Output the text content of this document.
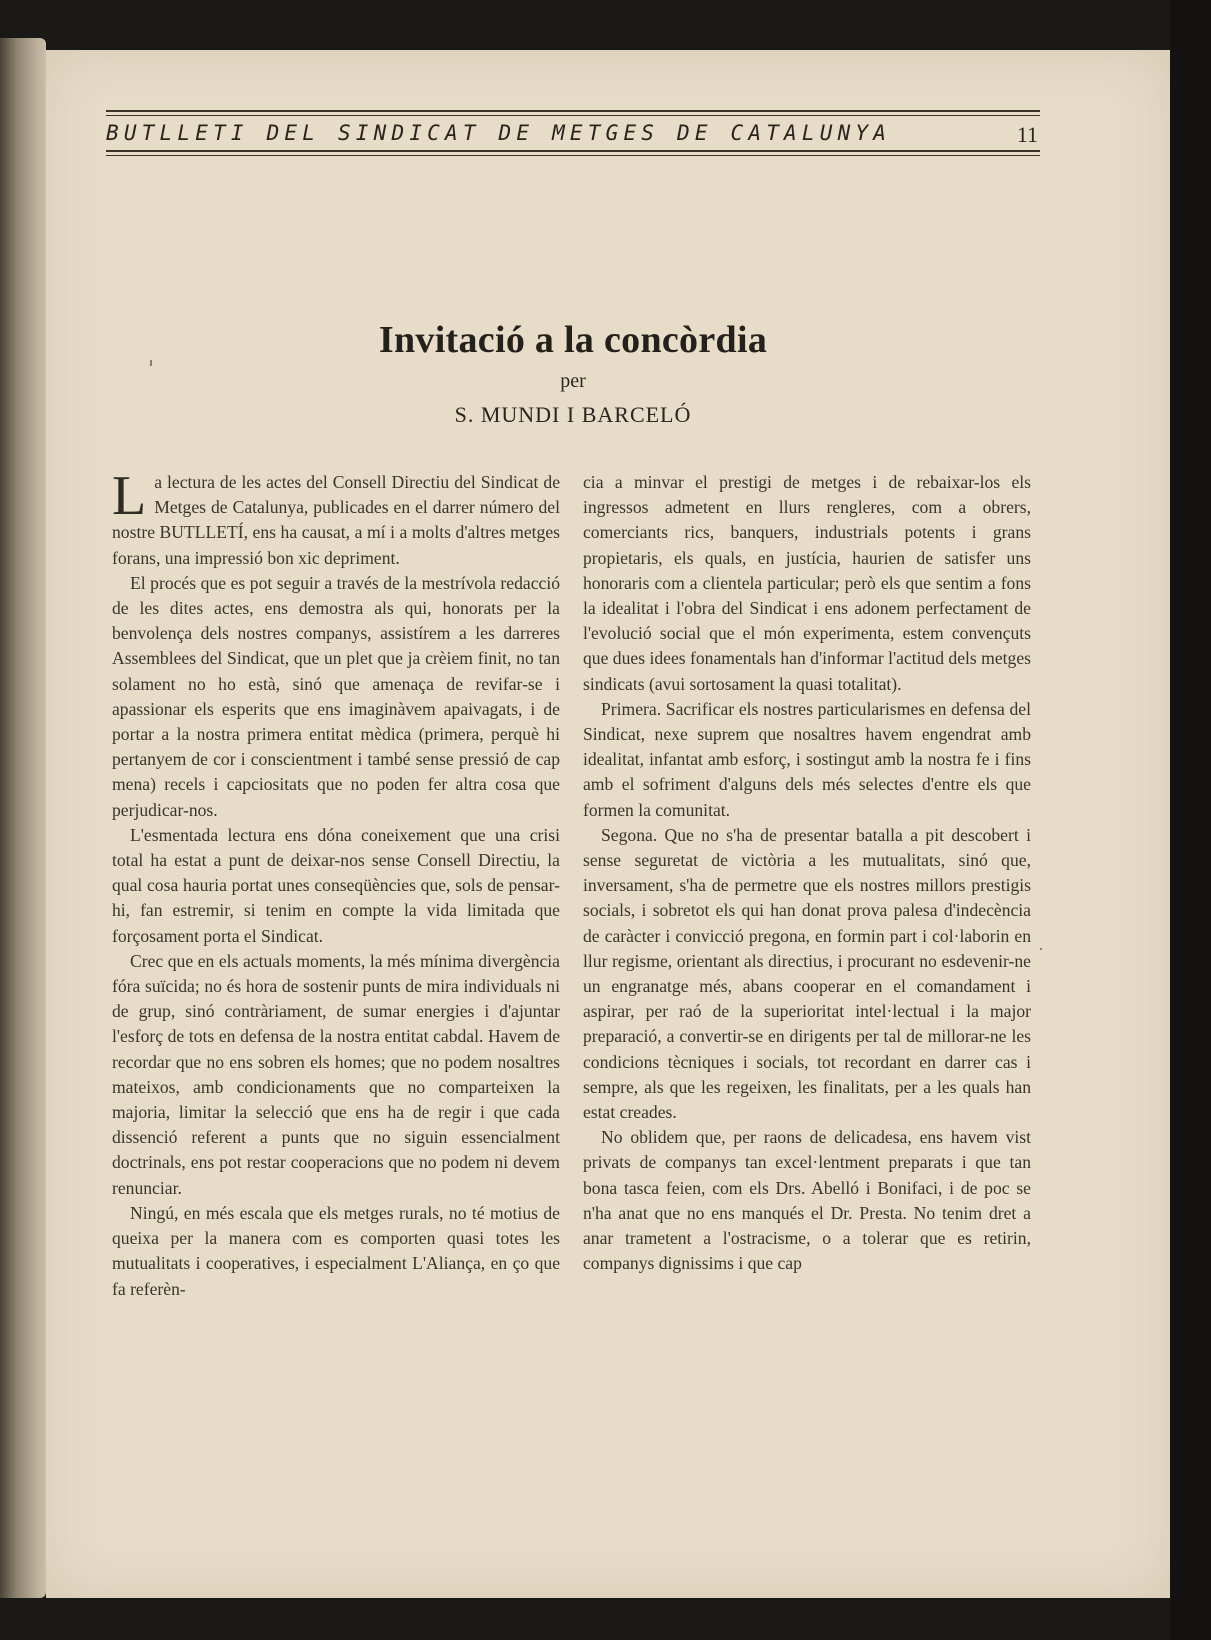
BUTLLETI DEL SINDICAT DE METGES DE CATALUNYA	11
Invitació a la concòrdia
per
S. MUNDI I BARCELÓ

La lectura de les actes del Consell Directiu del Sindicat de Metges de Catalunya, publicades en el darrer número del nostre BUTLLETÍ, ens ha causat, a mí i a molts d'altres metges forans, una impressió bon xic depriment.

El procés que es pot seguir a través de la mestrívola redacció de les dites actes, ens demostra als qui, honorats per la benvolença dels nostres companys, assistírem a les darreres Assemblees del Sindicat, que un plet que ja crèiem finit, no tan solament no ho està, sinó que amenaça de revifar-se i apassionar els esperits que ens imaginàvem apaivagats, i de portar a la nostra primera entitat mèdica (primera, perquè hi pertanyem de cor i conscientment i també sense pressió de cap mena) recels i capciositats que no poden fer altra cosa que perjudicar-nos.

L'esmentada lectura ens dóna coneixement que una crisi total ha estat a punt de deixar-nos sense Consell Directiu, la qual cosa hauria portat unes conseqüències que, sols de pensar-hi, fan estremir, si tenim en compte la vida limitada que forçosament porta el Sindicat.

Crec que en els actuals moments, la més mínima divergència fóra suïcida; no és hora de sostenir punts de mira individuals ni de grup, sinó contràriament, de sumar energies i d'ajuntar l'esforç de tots en defensa de la nostra entitat cabdal. Havem de recordar que no ens sobren els homes; que no podem nosaltres mateixos, amb condicionaments que no comparteixen la majoria, limitar la selecció que ens ha de regir i que cada dissenció referent a punts que no siguin essencialment doctrinals, ens pot restar cooperacions que no podem ni devem renunciar.

Ningú, en més escala que els metges rurals, no té motius de queixa per la manera com es comporten quasi totes les mutualitats i cooperatives, i especialment L'Aliança, en ço que fa referèn-

cia a minvar el prestigi de metges i de rebaixar-los els ingressos admetent en llurs rengleres, com a obrers, comerciants rics, banquers, industrials potents i grans propietaris, els quals, en justícia, haurien de satisfer uns honoraris com a clientela particular; però els que sentim a fons la idealitat i l'obra del Sindicat i ens adonem perfectament de l'evolució social que el món experimenta, estem convençuts que dues idees fonamentals han d'informar l'actitud dels metges sindicats (avui sortosament la quasi totalitat).

Primera. Sacrificar els nostres particularismes en defensa del Sindicat, nexe suprem que nosaltres havem engendrat amb idealitat, infantat amb esforç, i sostingut amb la nostra fe i fins amb el sofriment d'alguns dels més selectes d'entre els que formen la comunitat.

Segona. Que no s'ha de presentar batalla a pit descobert i sense seguretat de victòria a les mutualitats, sinó que, inversament, s'ha de permetre que els nostres millors prestigis socials, i sobretot els qui han donat prova palesa d'indecència de caràcter i convicció pregona, en formin part i col·laborin en llur regisme, orientant als directius, i procurant no esdevenir-ne un engranatge més, abans cooperar en el comandament i aspirar, per raó de la superioritat intel·lectual i la major preparació, a convertir-se en dirigents per tal de millorar-ne les condicions tècniques i socials, tot recordant en darrer cas i sempre, als que les regeixen, les finalitats, per a les quals han estat creades.

No oblidem que, per raons de delicadesa, ens havem vist privats de companys tan excel·lentment preparats i que tan bona tasca feien, com els Drs. Abelló i Bonifaci, i de poc se n'ha anat que no ens manqués el Dr. Presta. No tenim dret a anar trametent a l'ostracisme, o a tolerar que es retirin, companys dignissims i que cap
